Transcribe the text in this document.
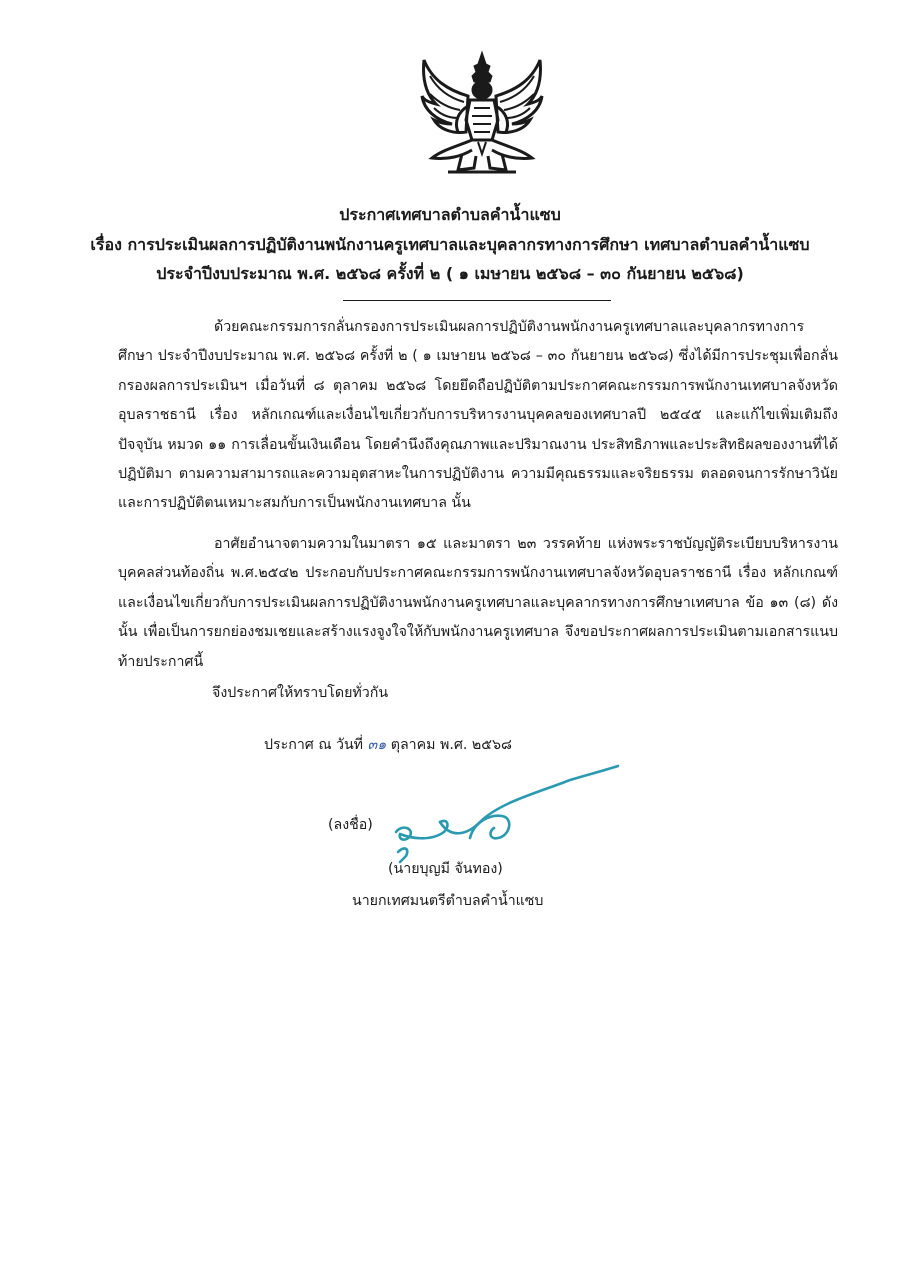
ประกาศเทศบาลตำบลคำน้ำแซบ
เรื่อง การประเมินผลการปฏิบัติงานพนักงานครูเทศบาลและบุคลากรทางการศึกษา เทศบาลตำบลคำน้ำแซบ
ประจำปีงบประมาณ พ.ศ. ๒๕๖๘ ครั้งที่ ๒ ( ๑ เมษายน ๒๕๖๘ – ๓๐ กันยายน ๒๕๖๘)

ด้วยคณะกรรมการกลั่นกรองการประเมินผลการปฏิบัติงานพนักงานครูเทศบาลและบุคลากรทางการศึกษา ประจำปีงบประมาณ พ.ศ. ๒๕๖๘ ครั้งที่ ๒ ( ๑ เมษายน ๒๕๖๘ – ๓๐ กันยายน ๒๕๖๘) ซึ่งได้มีการประชุมเพื่อกลั่นกรองผลการประเมินฯ เมื่อวันที่ ๘ ตุลาคม ๒๕๖๘ โดยยึดถือปฏิบัติตามประกาศคณะกรรมการพนักงานเทศบาลจังหวัดอุบลราชธานี เรื่อง หลักเกณฑ์และเงื่อนไขเกี่ยวกับการบริหารงานบุคคลของเทศบาลปี ๒๕๔๕ และแก้ไขเพิ่มเติมถึงปัจจุบัน หมวด ๑๑ การเลื่อนขั้นเงินเดือน โดยคำนึงถึงคุณภาพและปริมาณงาน ประสิทธิภาพและประสิทธิผลของงานที่ได้ปฏิบัติมา ตามความสามารถและความอุตสาหะในการปฏิบัติงาน ความมีคุณธรรมและจริยธรรม ตลอดจนการรักษาวินัย และการปฏิบัติตนเหมาะสมกับการเป็นพนักงานเทศบาล นั้น

อาศัยอำนาจตามความในมาตรา ๑๕ และมาตรา ๒๓ วรรคท้าย แห่งพระราชบัญญัติระเบียบบริหารงานบุคคลส่วนท้องถิ่น พ.ศ.๒๕๔๒ ประกอบกับประกาศคณะกรรมการพนักงานเทศบาลจังหวัดอุบลราชธานี เรื่อง หลักเกณฑ์และเงื่อนไขเกี่ยวกับการประเมินผลการปฏิบัติงานพนักงานครูเทศบาลและบุคลากรทางการศึกษาเทศบาล ข้อ ๑๓ (๘) ดังนั้น เพื่อเป็นการยกย่องชมเชยและสร้างแรงจูงใจให้กับพนักงานครูเทศบาล จึงขอประกาศผลการประเมินตามเอกสารแนบท้ายประกาศนี้

จึงประกาศให้ทราบโดยทั่วกัน
ประกาศ ณ วันที่ ๓๑ ตุลาคม พ.ศ. ๒๕๖๘
(ลงชื่อ)
(นายบุญมี จันทอง)
นายกเทศมนตรีตำบลคำน้ำแซบ
